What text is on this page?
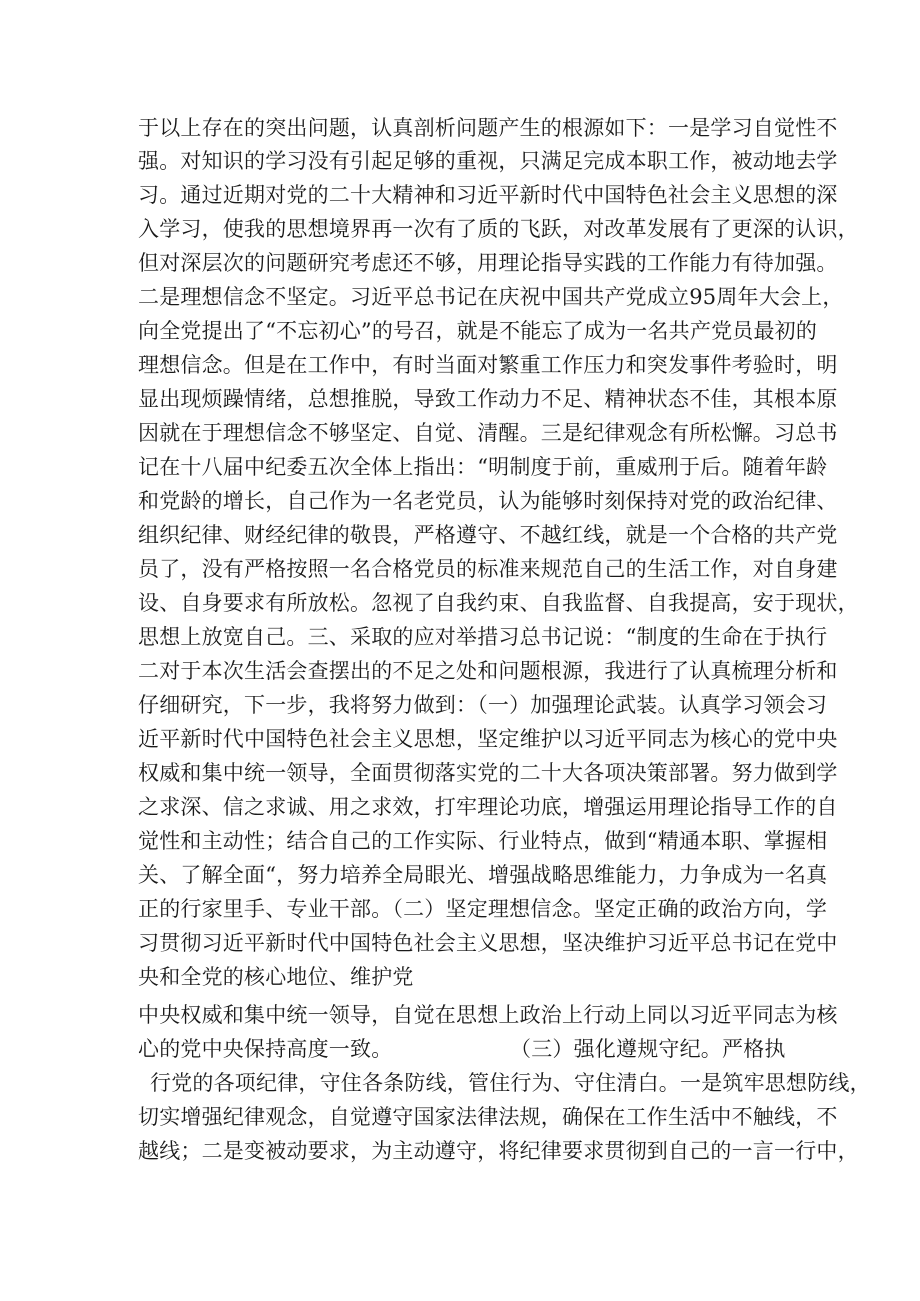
于以上存在的突出问题，认真剖析问题产生的根源如下：一是学习自觉性不
强。对知识的学习没有引起足够的重视，只满足完成本职工作，被动地去学
习。通过近期对党的二十大精神和习近平新时代中国特色社会主义思想的深
入学习，使我的思想境界再一次有了质的飞跃，对改革发展有了更深的认识，
但对深层次的问题研究考虑还不够，用理论指导实践的工作能力有待加强。
二是理想信念不坚定。习近平总书记在庆祝中国共产党成立95周年大会上，
向全党提出了“不忘初心”的号召，就是不能忘了成为一名共产党员最初的
理想信念。但是在工作中，有时当面对繁重工作压力和突发事件考验时，明
显出现烦躁情绪，总想推脱，导致工作动力不足、精神状态不佳，其根本原
因就在于理想信念不够坚定、自觉、清醒。三是纪律观念有所松懈。习总书
记在十八届中纪委五次全体上指出：“明制度于前，重威刑于后。随着年龄
和党龄的增长，自己作为一名老党员，认为能够时刻保持对党的政治纪律、
组织纪律、财经纪律的敬畏，严格遵守、不越红线，就是一个合格的共产党
员了，没有严格按照一名合格党员的标准来规范自己的生活工作，对自身建
设、自身要求有所放松。忽视了自我约束、自我监督、自我提高，安于现状，
思想上放宽自己。三、采取的应对举措习总书记说：“制度的生命在于执行
二对于本次生活会查摆出的不足之处和问题根源，我进行了认真梳理分析和
仔细研究，下一步，我将努力做到：（一）加强理论武装。认真学习领会习
近平新时代中国特色社会主义思想，坚定维护以习近平同志为核心的党中央
权威和集中统一领导，全面贯彻落实党的二十大各项决策部署。努力做到学
之求深、信之求诚、用之求效，打牢理论功底，增强运用理论指导工作的自
觉性和主动性；结合自己的工作实际、行业特点，做到“精通本职、掌握相
关、了解全面“，努力培养全局眼光、增强战略思维能力，力争成为一名真
正的行家里手、专业干部。（二）坚定理想信念。坚定正确的政治方向，学
习贯彻习近平新时代中国特色社会主义思想，坚决维护习近平总书记在党中
央和全党的核心地位、维护党
中央权威和集中统一领导，自觉在思想上政治上行动上同以习近平同志为核
心的党中央保持高度一致。	（三）强化遵规守纪。严格执
行党的各项纪律，守住各条防线，管住行为、守住清白。一是筑牢思想防线，
切实增强纪律观念，自觉遵守国家法律法规，确保在工作生活中不触线，不
越线；二是变被动要求，为主动遵守，将纪律要求贯彻到自己的一言一行中，
